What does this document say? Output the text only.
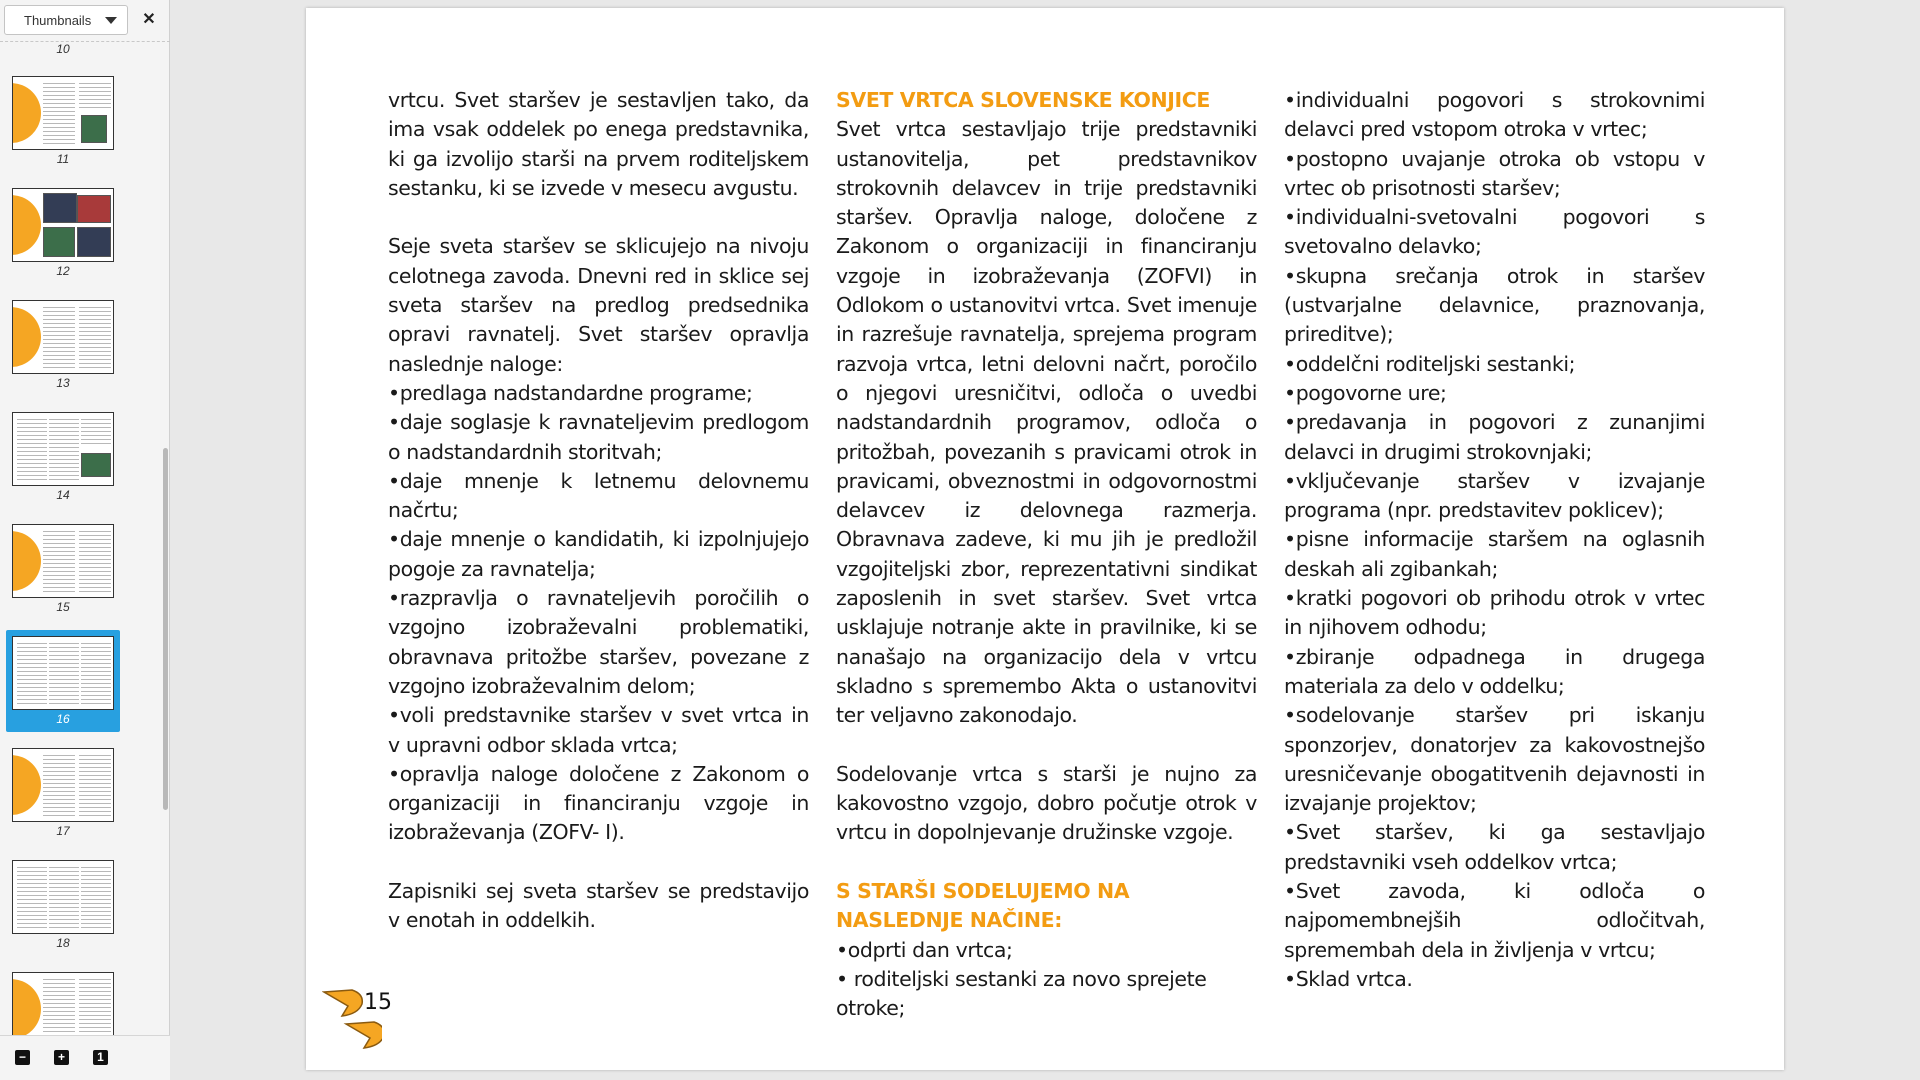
Thumbnails	✕
10
11
12
13
14
15
16
17
18
−	+	1

vrtcu. Svet staršev je sestavljen tako, da ima vsak oddelek po enega predstavnika, ki ga izvolijo starši na prvem roditeljskem sestanku, ki se izvede v mesecu avgustu.

Seje sveta staršev se sklicujejo na nivoju celotnega zavoda. Dnevni red in sklice sej sveta staršev na predlog predsednika opravi ravnatelj. Svet staršev opravlja naslednje naloge:

•predlaga nadstandardne programe;

•daje soglasje k ravnateljevim predlogom o nadstandardnih storitvah;

•daje mnenje k letnemu delovnemu načrtu;

•daje mnenje o kandidatih, ki izpolnjujejo pogoje za ravnatelja;

•razpravlja o ravnateljevih poročilih o vzgojno izobraževalni problematiki, obravnava pritožbe staršev, povezane z vzgojno izobraževalnim delom;

•voli predstavnike staršev v svet vrtca in v upravni odbor sklada vrtca;

•opravlja naloge določene z Zakonom o organizaciji in financiranju vzgoje in izobraževanja (ZOFV- I).

Zapisniki sej sveta staršev se predstavijo v enotah in oddelkih.

SVET VRTCA SLOVENSKE KONJICE

Svet vrtca sestavljajo trije predstavniki ustanovitelja, pet predstavnikov strokovnih delavcev in trije predstavniki staršev. Opravlja naloge, določene z Zakonom o organizaciji in financiranju vzgoje in izobraževanja (ZOFVI) in Odlokom o ustanovitvi vrtca. Svet imenuje in razrešuje ravnatelja, sprejema program razvoja vrtca, letni delovni načrt, poročilo o njegovi uresničitvi, odloča o uvedbi nadstandardnih programov, odloča o pritožbah, povezanih s pravicami otrok in pravicami, obveznostmi in odgovornostmi delavcev iz delovnega razmerja. Obravnava zadeve, ki mu jih je predložil vzgojiteljski zbor, reprezentativni sindikat zaposlenih in svet staršev. Svet vrtca usklajuje notranje akte in pravilnike, ki se nanašajo na organizacijo dela v vrtcu skladno s spremembo Akta o ustanovitvi ter veljavno zakonodajo.

Sodelovanje vrtca s starši je nujno za kakovostno vzgojo, dobro počutje otrok v vrtcu in dopolnjevanje družinske vzgoje.

S STARŠI SODELUJEMO NA NASLEDNJE NAČINE:

•odprti dan vrtca;

• roditeljski sestanki za novo sprejete otroke;

•individualni pogovori s strokovnimi delavci pred vstopom otroka v vrtec;

•postopno uvajanje otroka ob vstopu v vrtec ob prisotnosti staršev;

•individualni-svetovalni pogovori s svetovalno delavko;

•skupna srečanja otrok in staršev (ustvarjalne delavnice, praznovanja, prireditve);

•oddelčni roditeljski sestanki;

•pogovorne ure;

•predavanja in pogovori z zunanjimi delavci in drugimi strokovnjaki;

•vključevanje staršev v izvajanje programa (npr. predstavitev poklicev);

•pisne informacije staršem na oglasnih deskah ali zgibankah;

•kratki pogovori ob prihodu otrok v vrtec in njihovem odhodu;

•zbiranje odpadnega in drugega materiala za delo v oddelku;

•sodelovanje staršev pri iskanju sponzorjev, donatorjev za kakovostnejšo uresničevanje obogatitvenih dejavnosti in izvajanje projektov;

•Svet staršev, ki ga sestavljajo predstavniki vseh oddelkov vrtca;

•Svet zavoda, ki odloča o najpomembnejših odločitvah, spremembah dela in življenja v vrtcu;

•Sklad vrtca.

15
